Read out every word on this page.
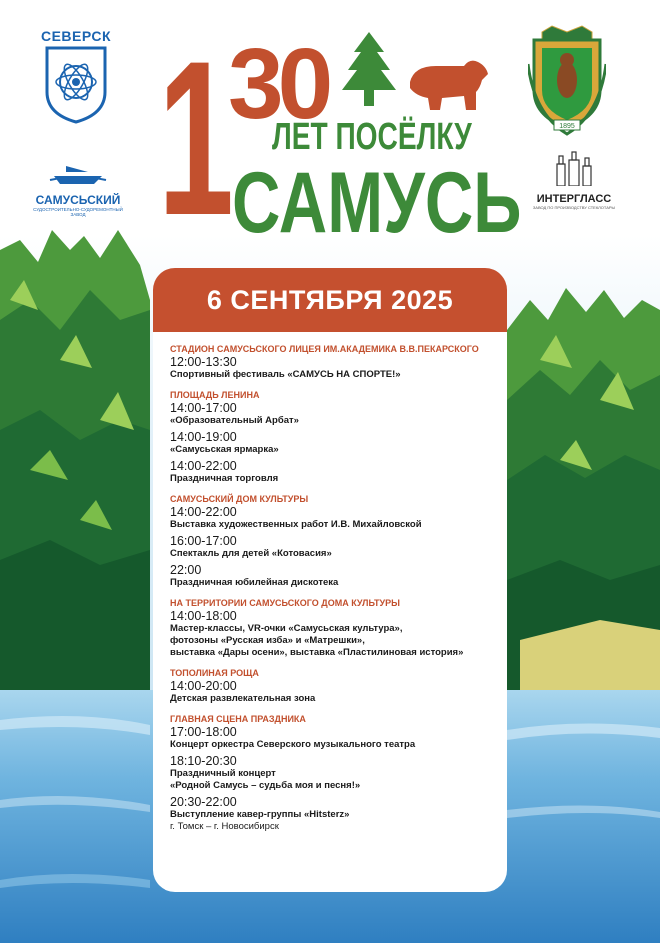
СЕВЕРСК
САМУСЬСКИЙ
СУДОСТРОИТЕЛЬНО-СУДОРЕМОНТНЫЙ ЗАВОД
1895
ИНТЕРГЛАСС
ЗАВОД ПО ПРОИЗВОДСТВУ СТЕКЛОТАРЫ
1
30
ЛЕТ ПОСЁЛКУ
САМУСЬ
6 СЕНТЯБРЯ 2025
СТАДИОН САМУСЬСКОГО ЛИЦЕЯ ИМ.АКАДЕМИКА В.В.ПЕКАРСКОГО
12:00-13:30
Спортивный фестиваль «САМУСЬ НА СПОРТЕ!»
ПЛОЩАДЬ ЛЕНИНА
14:00-17:00
«Образовательный Арбат»
14:00-19:00
«Самусьская ярмарка»
14:00-22:00
Праздничная торговля
САМУСЬСКИЙ ДОМ КУЛЬТУРЫ
14:00-22:00
Выставка художественных работ И.В. Михайловской
16:00-17:00
Спектакль для детей «Котовасия»
22:00
Праздничная юбилейная дискотека
НА ТЕРРИТОРИИ САМУСЬСКОГО ДОМА КУЛЬТУРЫ
14:00-18:00
Мастер-классы, VR-очки «Самусьская культура»,
фотозоны «Русская изба» и «Матрешки»,
выставка «Дары осени», выставка «Пластилиновая история»
ТОПОЛИНАЯ РОЩА
14:00-20:00
Детская развлекательная зона
ГЛАВНАЯ СЦЕНА ПРАЗДНИКА
17:00-18:00
Концерт оркестра Северского музыкального театра
18:10-20:30
Праздничный концерт
«Родной Самусь – судьба моя и песня!»
20:30-22:00
Выступление кавер-группы «Hitsterz»
г. Томск – г. Новосибирск
